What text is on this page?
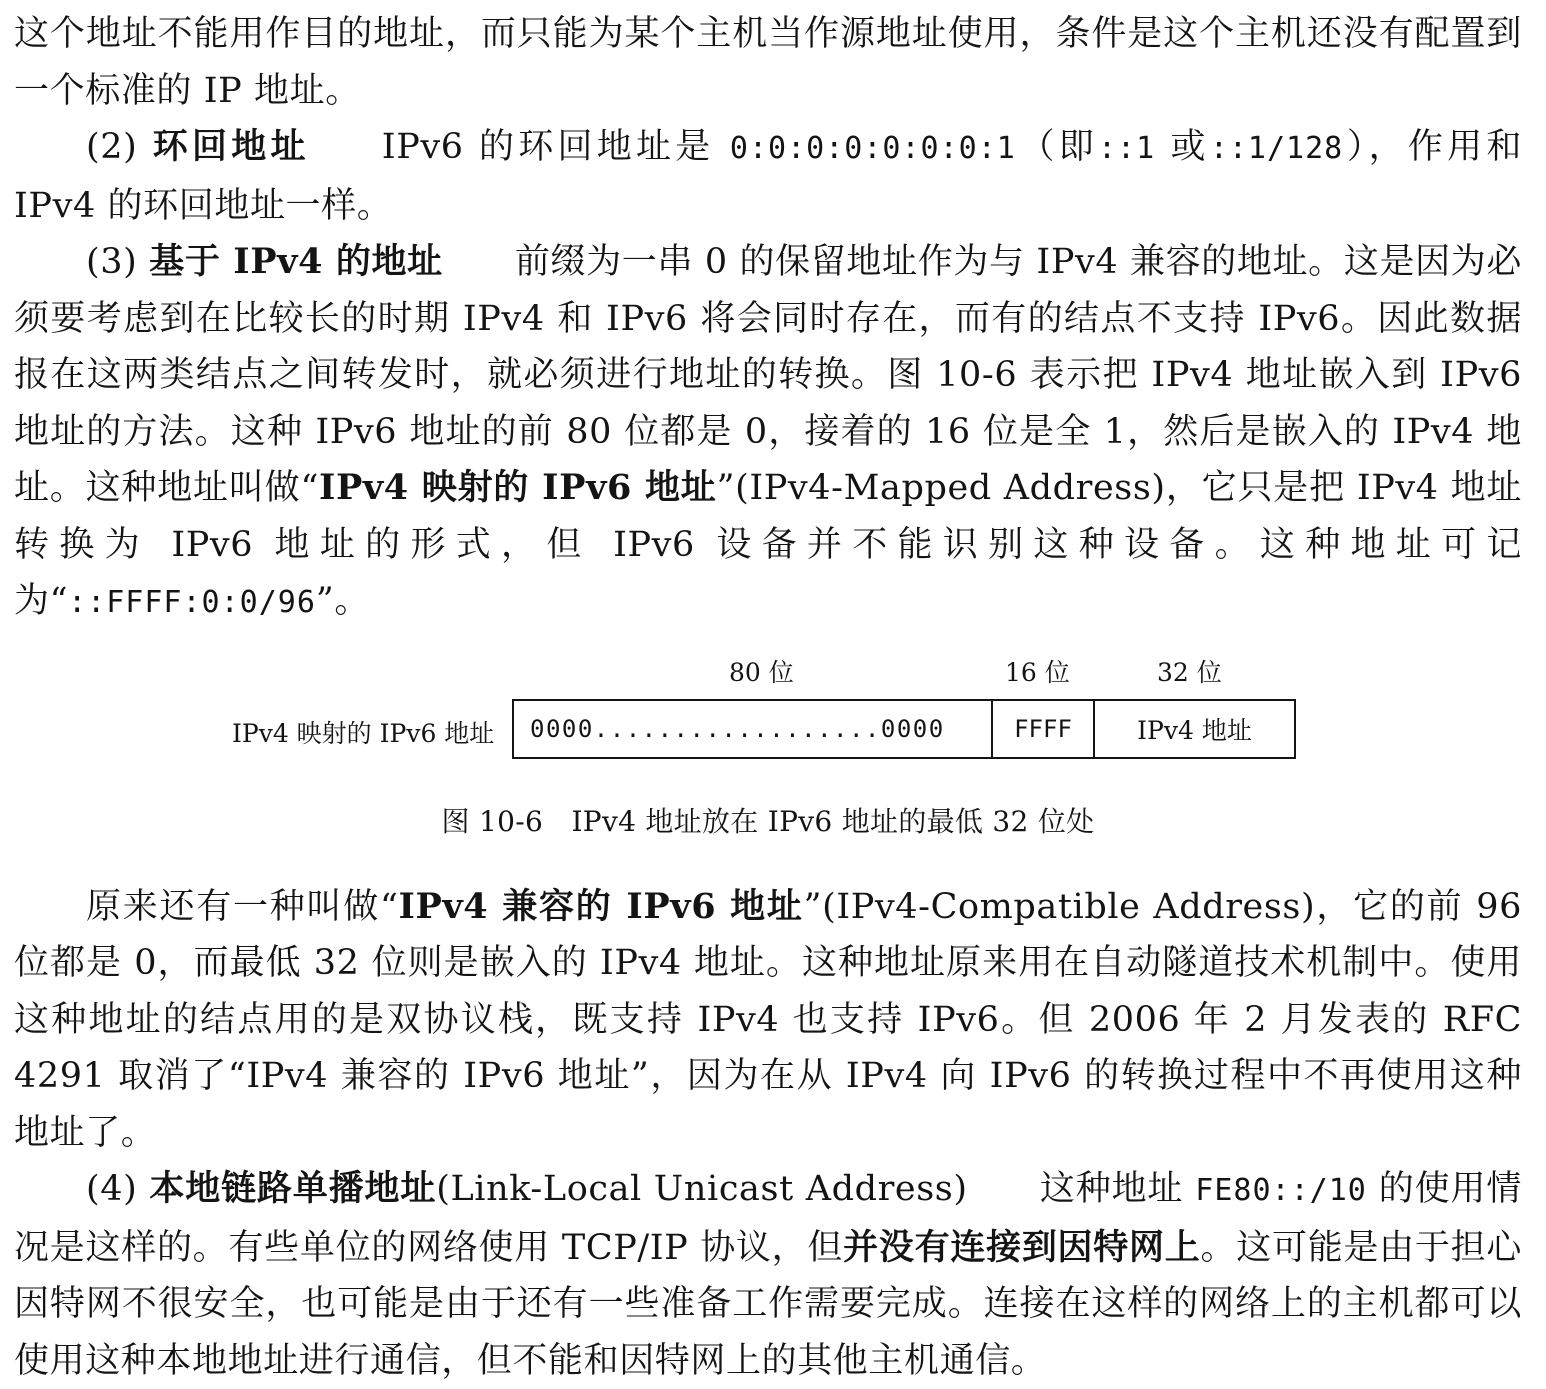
这个地址不能用作目的地址，而只能为某个主机当作源地址使用，条件是这个主机还没有配置到一个标准的 IP 地址。

(2) 环回地址 IPv6 的环回地址是 0:0:0:0:0:0:0:1（即::1 或::1/128），作用和 IPv4 的环回地址一样。

(3) 基于 IPv4 的地址 前缀为一串 0 的保留地址作为与 IPv4 兼容的地址。这是因为必须要考虑到在比较长的时期 IPv4 和 IPv6 将会同时存在，而有的结点不支持 IPv6。因此数据报在这两类结点之间转发时，就必须进行地址的转换。图 10-6 表示把 IPv4 地址嵌入到 IPv6 地址的方法。这种 IPv6 地址的前 80 位都是 0，接着的 16 位是全 1，然后是嵌入的 IPv4 地址。这种地址叫做“IPv4 映射的 IPv6 地址”(IPv4-Mapped Address)，它只是把 IPv4 地址转换为 IPv6 地址的形式，但 IPv6 设备并不能识别这种设备。这种地址可记为“::FFFF:0:0/96”。

80 位	16 位	32 位
IPv4 映射的 IPv6 地址	0000..................0000	FFFF	IPv4 地址
图 10-6　IPv4 地址放在 IPv6 地址的最低 32 位处

原来还有一种叫做“IPv4 兼容的 IPv6 地址”(IPv4-Compatible Address)，它的前 96 位都是 0，而最低 32 位则是嵌入的 IPv4 地址。这种地址原来用在自动隧道技术机制中。使用这种地址的结点用的是双协议栈，既支持 IPv4 也支持 IPv6。但 2006 年 2 月发表的 RFC 4291 取消了“IPv4 兼容的 IPv6 地址”，因为在从 IPv4 向 IPv6 的转换过程中不再使用这种地址了。

(4) 本地链路单播地址(Link-Local Unicast Address) 这种地址 FE80::/10 的使用情况是这样的。有些单位的网络使用 TCP/IP 协议，但并没有连接到因特网上。这可能是由于担心因特网不很安全，也可能是由于还有一些准备工作需要完成。连接在这样的网络上的主机都可以使用这种本地地址进行通信，但不能和因特网上的其他主机通信。
